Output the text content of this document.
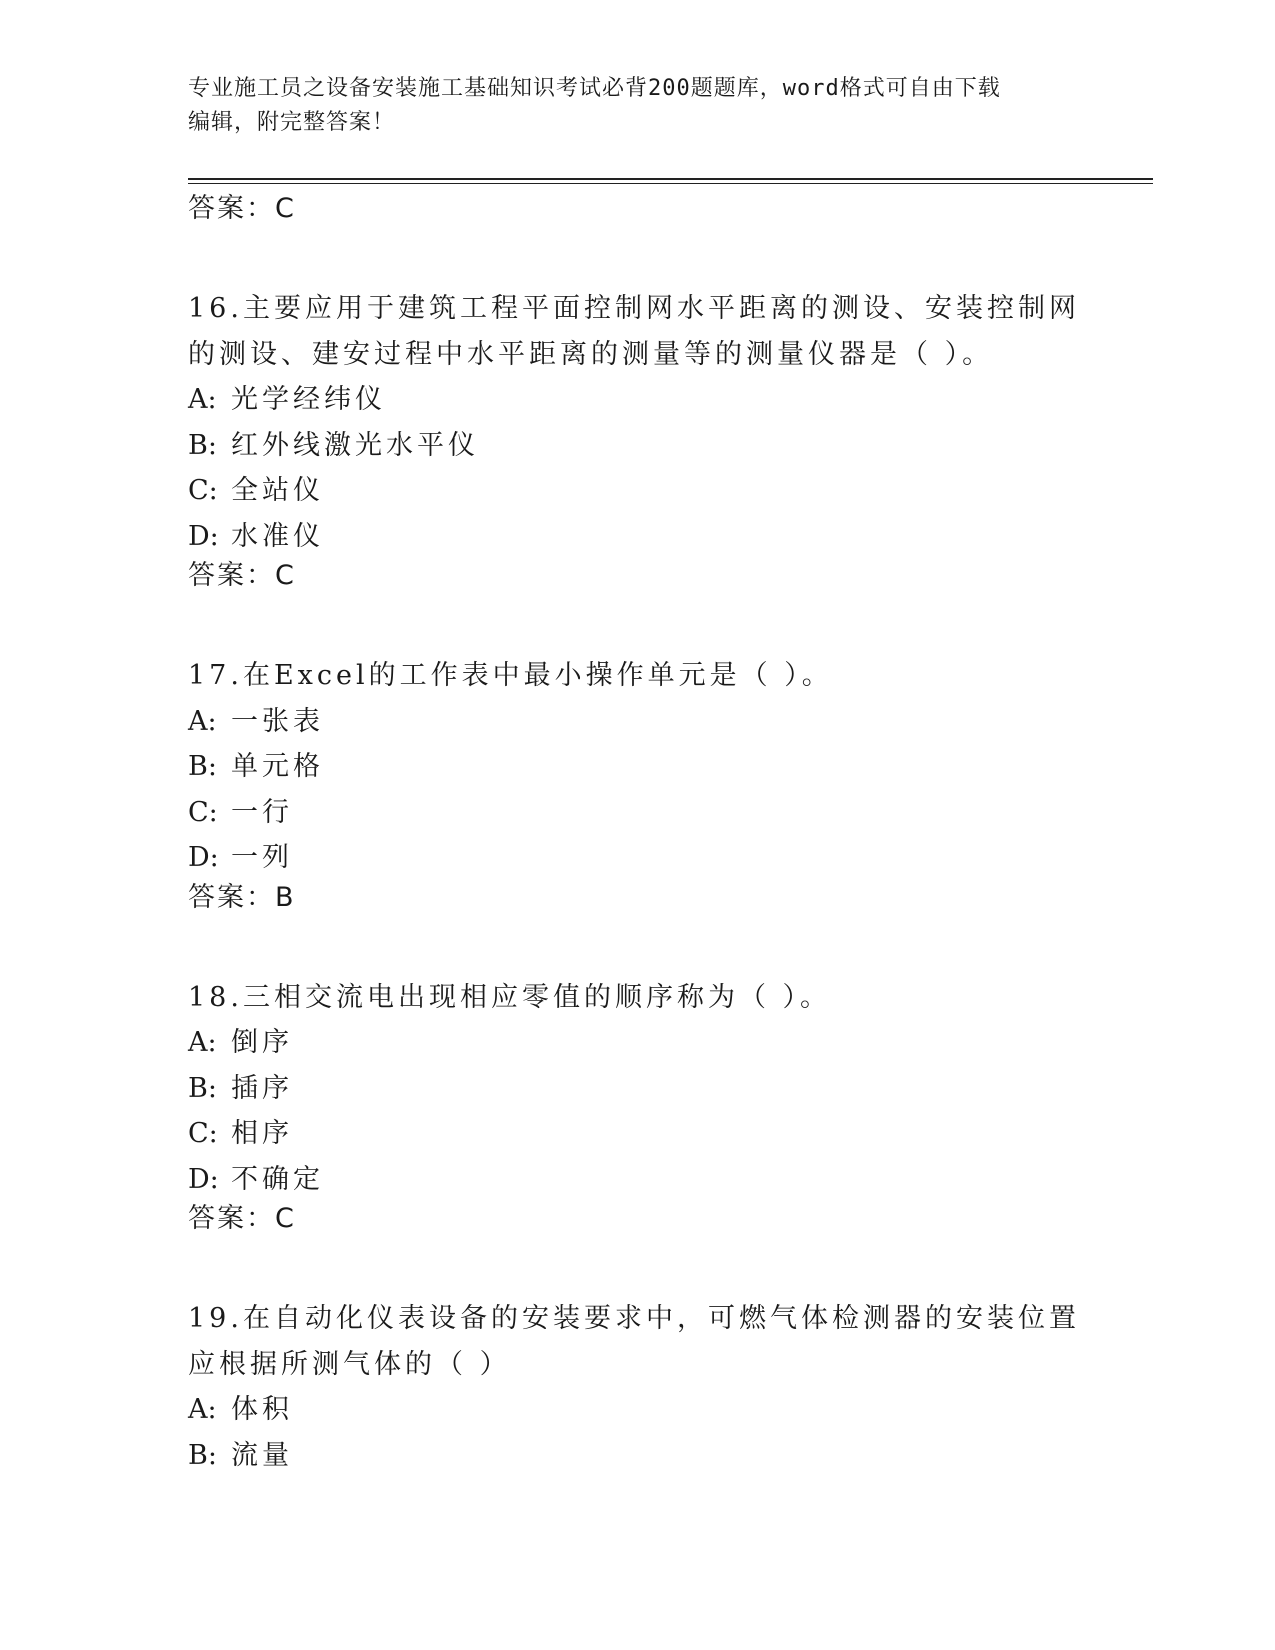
专业施工员之设备安装施工基础知识考试必背200题题库，word格式可自由下载
编辑，附完整答案！
答案：C

16.主要应用于建筑工程平面控制网水平距离的测设、安装控制网的测设、建安过程中水平距离的测量等的测量仪器是（ ）。

A: 光学经纬仪

B: 红外线激光水平仪

C: 全站仪

D: 水准仪

答案：C

17.在Excel的工作表中最小操作单元是（ ）。

A: 一张表

B: 单元格

C: 一行

D: 一列

答案：B

18.三相交流电出现相应零值的顺序称为（ ）。

A: 倒序

B: 插序

C: 相序

D: 不确定

答案：C

19.在自动化仪表设备的安装要求中，可燃气体检测器的安装位置应根据所测气体的（ ）

A: 体积

B: 流量
